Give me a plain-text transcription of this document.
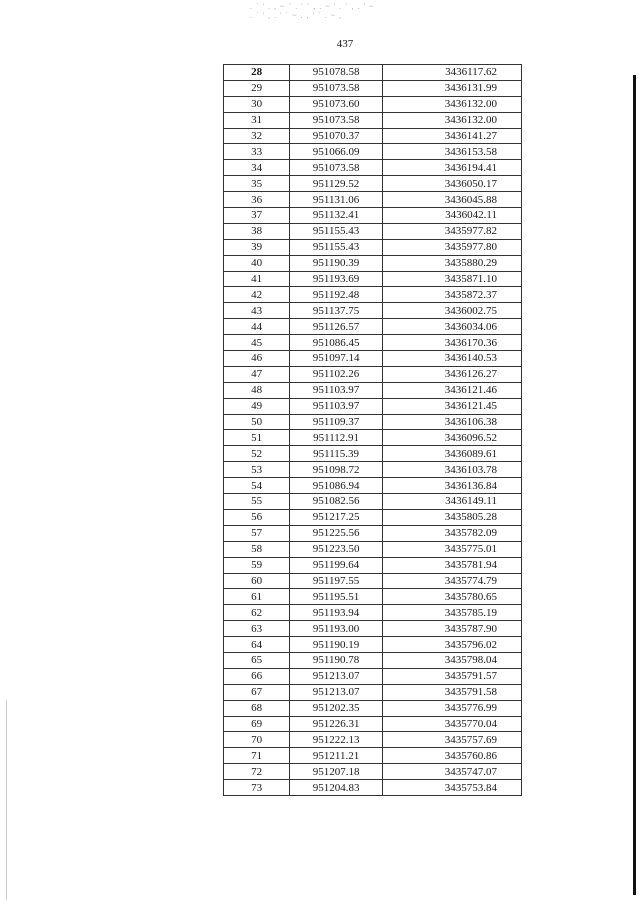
. ` ' . , ~ ` . ' ` , . ~ ' . ` , . ' ~ . ` ' , . ' ` ~ . , ' ` . ~ ,
437
28	951078.58	3436117.62
29	951073.58	3436131.99
30	951073.60	3436132.00
31	951073.58	3436132.00
32	951070.37	3436141.27
33	951066.09	3436153.58
34	951073.58	3436194.41
35	951129.52	3436050.17
36	951131.06	3436045.88
37	951132.41	3436042.11
38	951155.43	3435977.82
39	951155.43	3435977.80
40	951190.39	3435880.29
41	951193.69	3435871.10
42	951192.48	3435872.37
43	951137.75	3436002.75
44	951126.57	3436034.06
45	951086.45	3436170.36
46	951097.14	3436140.53
47	951102.26	3436126.27
48	951103.97	3436121.46
49	951103.97	3436121.45
50	951109.37	3436106.38
51	951112.91	3436096.52
52	951115.39	3436089.61
53	951098.72	3436103.78
54	951086.94	3436136.84
55	951082.56	3436149.11
56	951217.25	3435805.28
57	951225.56	3435782.09
58	951223.50	3435775.01
59	951199.64	3435781.94
60	951197.55	3435774.79
61	951195.51	3435780.65
62	951193.94	3435785.19
63	951193.00	3435787.90
64	951190.19	3435796.02
65	951190.78	3435798.04
66	951213.07	3435791.57
67	951213.07	3435791.58
68	951202.35	3435776.99
69	951226.31	3435770.04
70	951222.13	3435757.69
71	951211.21	3435760.86
72	951207.18	3435747.07
73	951204.83	3435753.84
